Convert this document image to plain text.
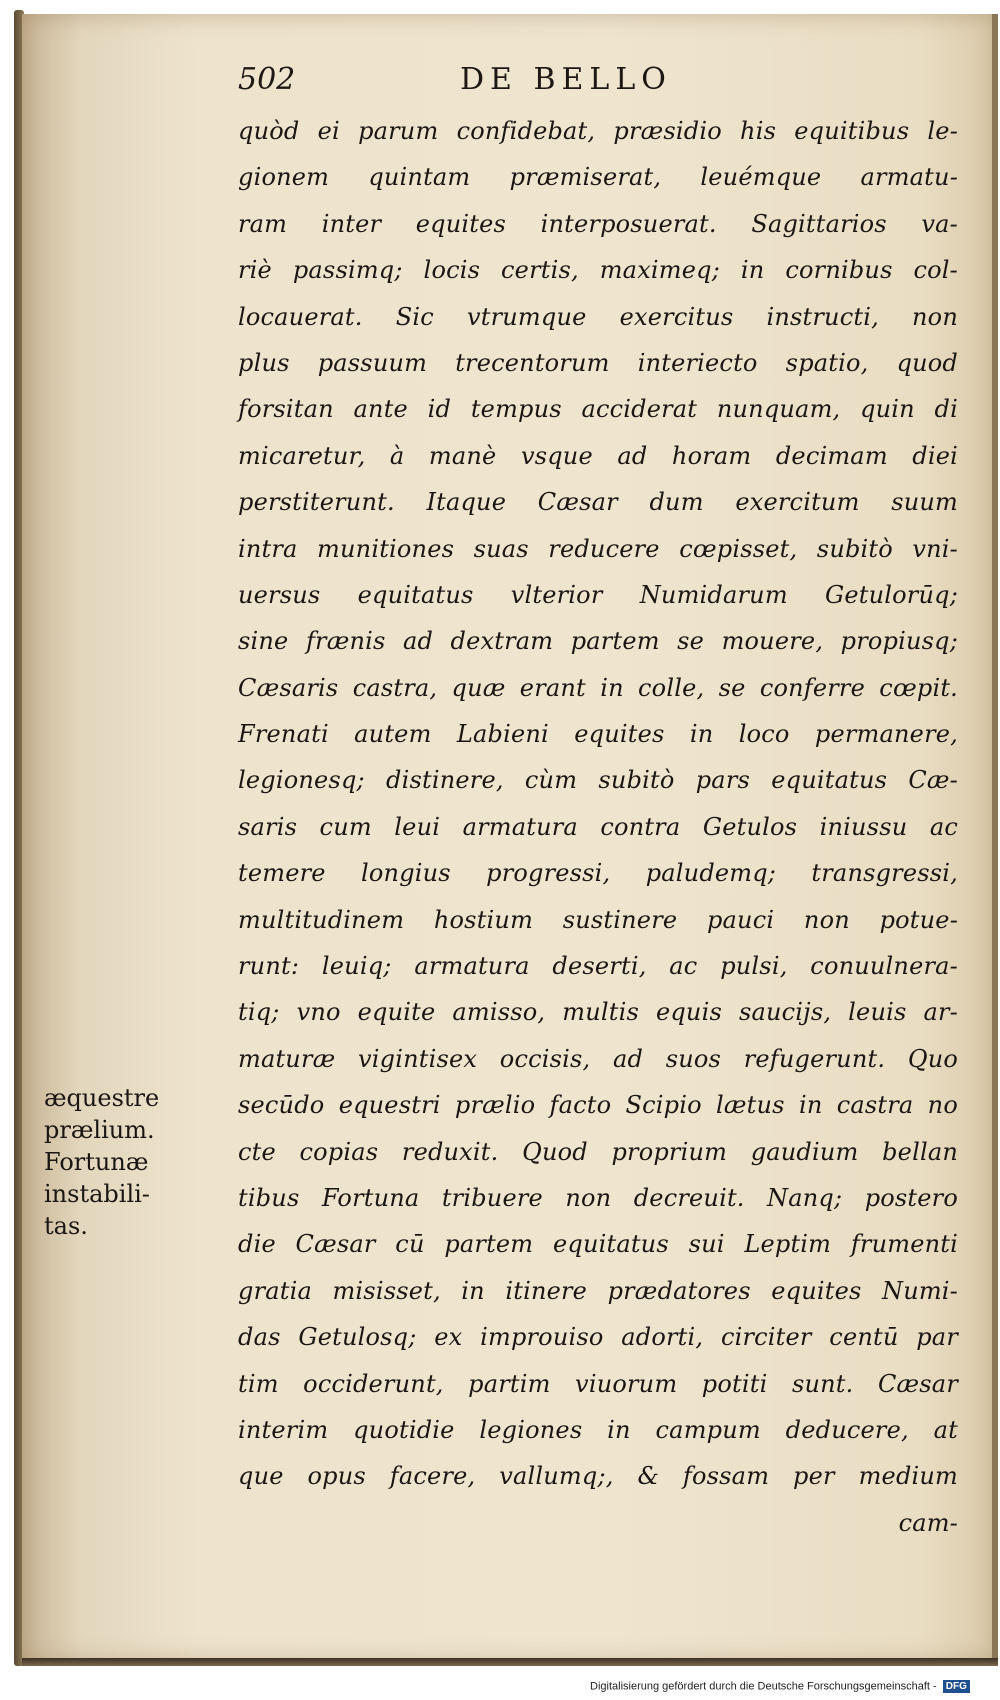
502	DE BELLO
quòd ei parum confidebat, præsidio his equitibus le-
gionem quintam præmiserat, leuémque armatu-
ram inter equites interposuerat. Sagittarios va-
riè passimq; locis certis, maximeq; in cornibus col-
locauerat. Sic vtrumque exercitus instructi, non
plus passuum trecentorum interiecto spatio, quod
forsitan ante id tempus acciderat nunquam, quin di
micaretur, à manè vsque ad horam decimam diei
perstiterunt. Itaque Cæsar dum exercitum suum
intra munitiones suas reducere cœpisset, subitò vni-
uersus equitatus vlterior Numidarum Getulorūq;
sine frænis ad dextram partem se mouere, propiusq;
Cæsaris castra, quæ erant in colle, se conferre cœpit.
Frenati autem Labieni equites in loco permanere,
legionesq; distinere, cùm subitò pars equitatus Cæ-
saris cum leui armatura contra Getulos iniussu ac
temere longius progressi, paludemq; transgressi,
multitudinem hostium sustinere pauci non potue-
runt: leuiq; armatura deserti, ac pulsi, conuulnera-
tiq; vno equite amisso, multis equis saucijs, leuis ar-
maturæ vigintisex occisis, ad suos refugerunt. Quo
secūdo equestri prælio facto Scipio lætus in castra no
cte copias reduxit. Quod proprium gaudium bellan
tibus Fortuna tribuere non decreuit. Nanq; postero
die Cæsar cū partem equitatus sui Leptim frumenti
gratia misisset, in itinere prædatores equites Numi-
das Getulosq; ex improuiso adorti, circiter centū par
tim occiderunt, partim viuorum potiti sunt. Cæsar
interim quotidie legiones in campum deducere, at
que opus facere, vallumq;, & fossam per medium
cam-
æquestre
prælium.
Fortunæ
instabili-
tas.
Digitalisierung gefördert durch die Deutsche Forschungsgemeinschaft - DFG
